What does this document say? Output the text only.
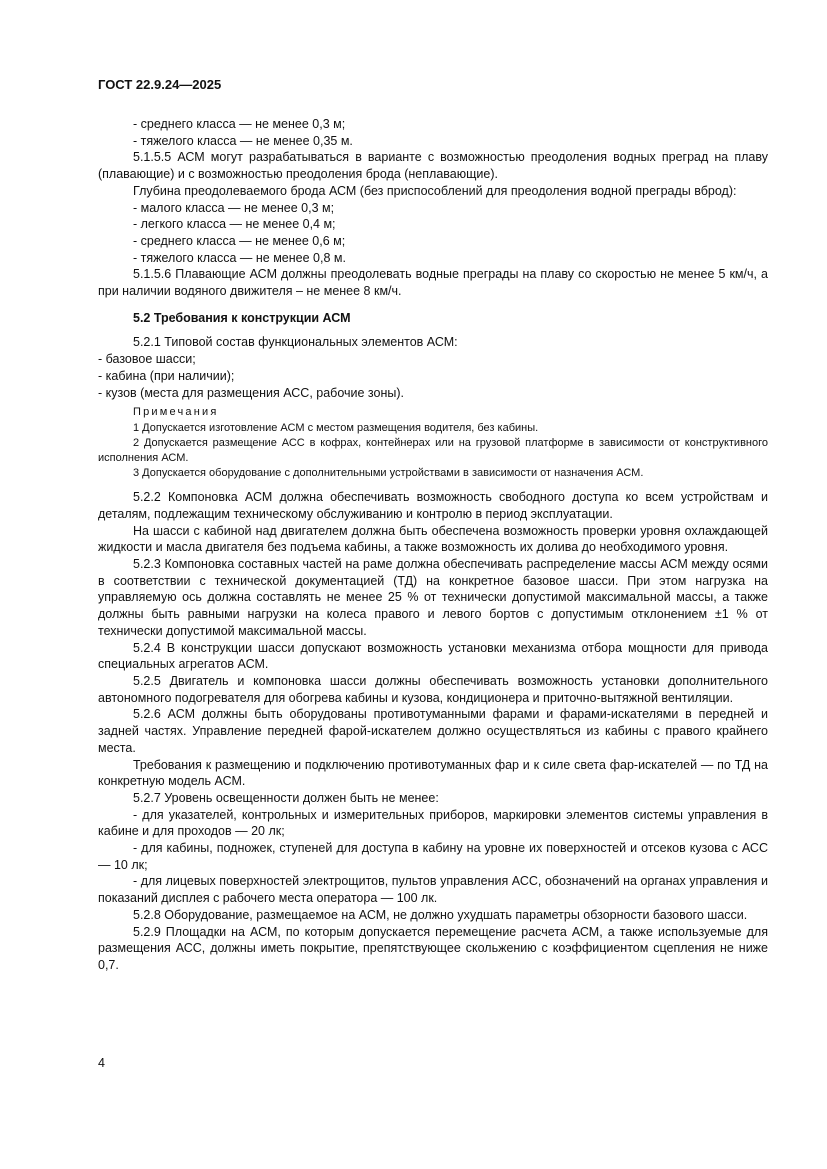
ГОСТ 22.9.24—2025

- среднего класса — не менее 0,3 м;

- тяжелого класса — не менее 0,35 м.

5.1.5.5 АСМ могут разрабатываться в варианте с возможностью преодоления водных преград на плаву (плавающие) и с возможностью преодоления брода (неплавающие).

Глубина преодолеваемого брода АСМ (без приспособлений для преодоления водной преграды вброд):

- малого класса — не менее 0,3 м;

- легкого класса — не менее 0,4 м;

- среднего класса — не менее 0,6 м;

- тяжелого класса — не менее 0,8 м.

5.1.5.6 Плавающие АСМ должны преодолевать водные преграды на плаву со скоростью не менее 5 км/ч, а при наличии водяного движителя – не менее 8 км/ч.

5.2 Требования к конструкции АСМ

5.2.1 Типовой состав функциональных элементов АСМ:

- базовое шасси;

- кабина (при наличии);

- кузов (места для размещения АСС, рабочие зоны).

Примечания

1 Допускается изготовление АСМ с местом размещения водителя, без кабины.

2 Допускается размещение АСС в кофрах, контейнерах или на грузовой платформе в зависимости от конструктивного исполнения АСМ.

3 Допускается оборудование с дополнительными устройствами в зависимости от назначения АСМ.

5.2.2 Компоновка АСМ должна обеспечивать возможность свободного доступа ко всем устройствам и деталям, подлежащим техническому обслуживанию и контролю в период эксплуатации.

На шасси с кабиной над двигателем должна быть обеспечена возможность проверки уровня охлаждающей жидкости и масла двигателя без подъема кабины, а также возможность их долива до необходимого уровня.

5.2.3 Компоновка составных частей на раме должна обеспечивать распределение массы АСМ между осями в соответствии с технической документацией (ТД) на конкретное базовое шасси. При этом нагрузка на управляемую ось должна составлять не менее 25 % от технически допустимой максимальной массы, а также должны быть равными нагрузки на колеса правого и левого бортов с допустимым отклонением ±1 % от технически допустимой максимальной массы.

5.2.4 В конструкции шасси допускают возможность установки механизма отбора мощности для привода специальных агрегатов АСМ.

5.2.5 Двигатель и компоновка шасси должны обеспечивать возможность установки дополнительного автономного подогревателя для обогрева кабины и кузова, кондиционера и приточно-вытяжной вентиляции.

5.2.6 АСМ должны быть оборудованы противотуманными фарами и фарами-искателями в передней и задней частях. Управление передней фарой-искателем должно осуществляться из кабины с правого крайнего места.

Требования к размещению и подключению противотуманных фар и к силе света фар-искателей — по ТД на конкретную модель АСМ.

5.2.7 Уровень освещенности должен быть не менее:

- для указателей, контрольных и измерительных приборов, маркировки элементов системы управления в кабине и для проходов — 20 лк;

- для кабины, подножек, ступеней для доступа в кабину на уровне их поверхностей и отсеков кузова с АСС — 10 лк;

- для лицевых поверхностей электрощитов, пультов управления АСС, обозначений на органах управления и показаний дисплея с рабочего места оператора — 100 лк.

5.2.8 Оборудование, размещаемое на АСМ, не должно ухудшать параметры обзорности базового шасси.

5.2.9 Площадки на АСМ, по которым допускается перемещение расчета АСМ, а также используемые для размещения АСС, должны иметь покрытие, препятствующее скольжению с коэффициентом сцепления не ниже 0,7.

4
